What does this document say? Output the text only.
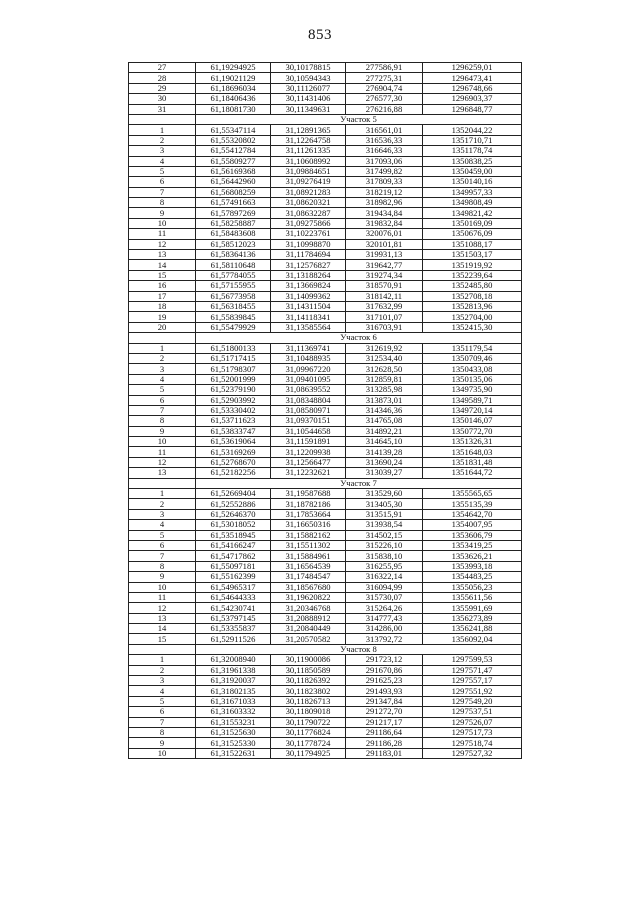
853
27	61,19294925	30,10178815	277586,91	1296259,01
28	61,19021129	30,10594343	277275,31	1296473,41
29	61,18696034	30,11126077	276904,74	1296748,66
30	61,18406436	30,11431406	276577,30	1296903,37
31	61,18081730	30,11349631	276216,88	1296848,77
	Участок 5			
1	61,55347114	31,12891365	316561,01	1352044,22
2	61,55320802	31,12264758	316536,33	1351710,71
3	61,55412784	31,11261335	316646,33	1351178,74
4	61,55809277	31,10608992	317093,06	1350838,25
5	61,56169368	31,09884651	317499,82	1350459,00
6	61,56442960	31,09276419	317809,33	1350140,16
7	61,56808259	31,08921283	318219,12	1349957,33
8	61,57491663	31,08620321	318982,96	1349808,49
9	61,57897269	31,08632287	319434,84	1349821,42
10	61,58258887	31,09275866	319832,84	1350169,09
11	61,58483608	31,10223761	320076,01	1350676,09
12	61,58512023	31,10998870	320101,81	1351088,17
13	61,58364136	31,11784694	319931,13	1351503,17
14	61,58110648	31,12576827	319642,77	1351919,92
15	61,57784055	31,13188264	319274,34	1352239,64
16	61,57155955	31,13669824	318570,91	1352485,80
17	61,56773958	31,14099362	318142,11	1352708,18
18	61,56318455	31,14311504	317632,99	1352813,96
19	61,55839845	31,14118341	317101,07	1352704,00
20	61,55479929	31,13585564	316703,91	1352415,30
	Участок 6			
1	61,51800133	31,11369741	312619,92	1351179,54
2	61,51717415	31,10488935	312534,40	1350709,46
3	61,51798307	31,09967220	312628,50	1350433,08
4	61,52001999	31,09401095	312859,81	1350135,06
5	61,52379190	31,08639552	313285,98	1349735,90
6	61,52903992	31,08348804	313873,01	1349589,71
7	61,53330402	31,08580971	314346,36	1349720,14
8	61,53711623	31,09370151	314765,08	1350146,07
9	61,53833747	31,10544658	314892,21	1350772,70
10	61,53619064	31,11591891	314645,10	1351326,31
11	61,53169269	31,12209938	314139,28	1351648,03
12	61,52768670	31,12566477	313690,24	1351831,48
13	61,52182256	31,12232621	313039,27	1351644,72
	Участок 7			
1	61,52669404	31,19587688	313529,60	1355565,65
2	61,52552886	31,18782186	313405,30	1355135,39
3	61,52646370	31,17853664	313515,91	1354642,70
4	61,53018052	31,16650316	313938,54	1354007,95
5	61,53518945	31,15882162	314502,15	1353606,79
6	61,54166247	31,15511302	315226,10	1353419,25
7	61,54717862	31,15884961	315838,10	1353626,21
8	61,55097181	31,16564539	316255,95	1353993,18
9	61,55162399	31,17484547	316322,14	1354483,25
10	61,54965317	31,18567680	316094,99	1355056,23
11	61,54644333	31,19620822	315730,07	1355611,56
12	61,54230741	31,20346768	315264,26	1355991,69
13	61,53797145	31,20888912	314777,43	1356273,89
14	61,53355837	31,20840449	314286,00	1356241,88
15	61,52911526	31,20570582	313792,72	1356092,04
	Участок 8			
1	61,32008940	30,11900086	291723,12	1297599,53
2	61,31961338	30,11850589	291670,86	1297571,47
3	61,31920037	30,11826392	291625,23	1297557,17
4	61,31802135	30,11823802	291493,93	1297551,92
5	61,31671033	30,11826713	291347,84	1297549,20
6	61,31603332	30,11809018	291272,70	1297537,51
7	61,31553231	30,11790722	291217,17	1297526,07
8	61,31525630	30,11776824	291186,64	1297517,73
9	61,31525330	30,11778724	291186,28	1297518,74
10	61,31522631	30,11794925	291183,01	1297527,32
